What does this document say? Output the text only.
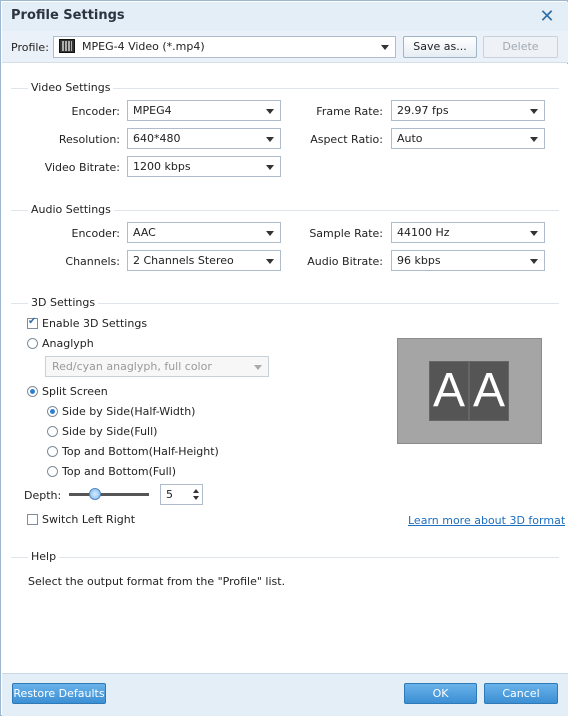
Profile Settings	✕
Profile:	MPEG-4 Video (*.mp4)	Save as...	Delete
Video Settings
Encoder:	MPEG4	Frame Rate:	29.97 fps
Resolution:	640*480	Aspect Ratio:	Auto
Video Bitrate:	1200 kbps
Audio Settings
Encoder:	AAC	Sample Rate:	44100 Hz
Channels:	2 Channels Stereo	Audio Bitrate:	96 kbps
3D Settings
✔
Enable 3D Settings
Anaglyph
Red/cyan anaglyph, full color
Split Screen
Side by Side(Half-Width)
Side by Side(Full)
Top and Bottom(Half-Height)
Top and Bottom(Full)
Depth:	5
Switch Left Right	Learn more about 3D format
A A
Help
Select the output format from the "Profile" list.
Restore Defaults	OK	Cancel
